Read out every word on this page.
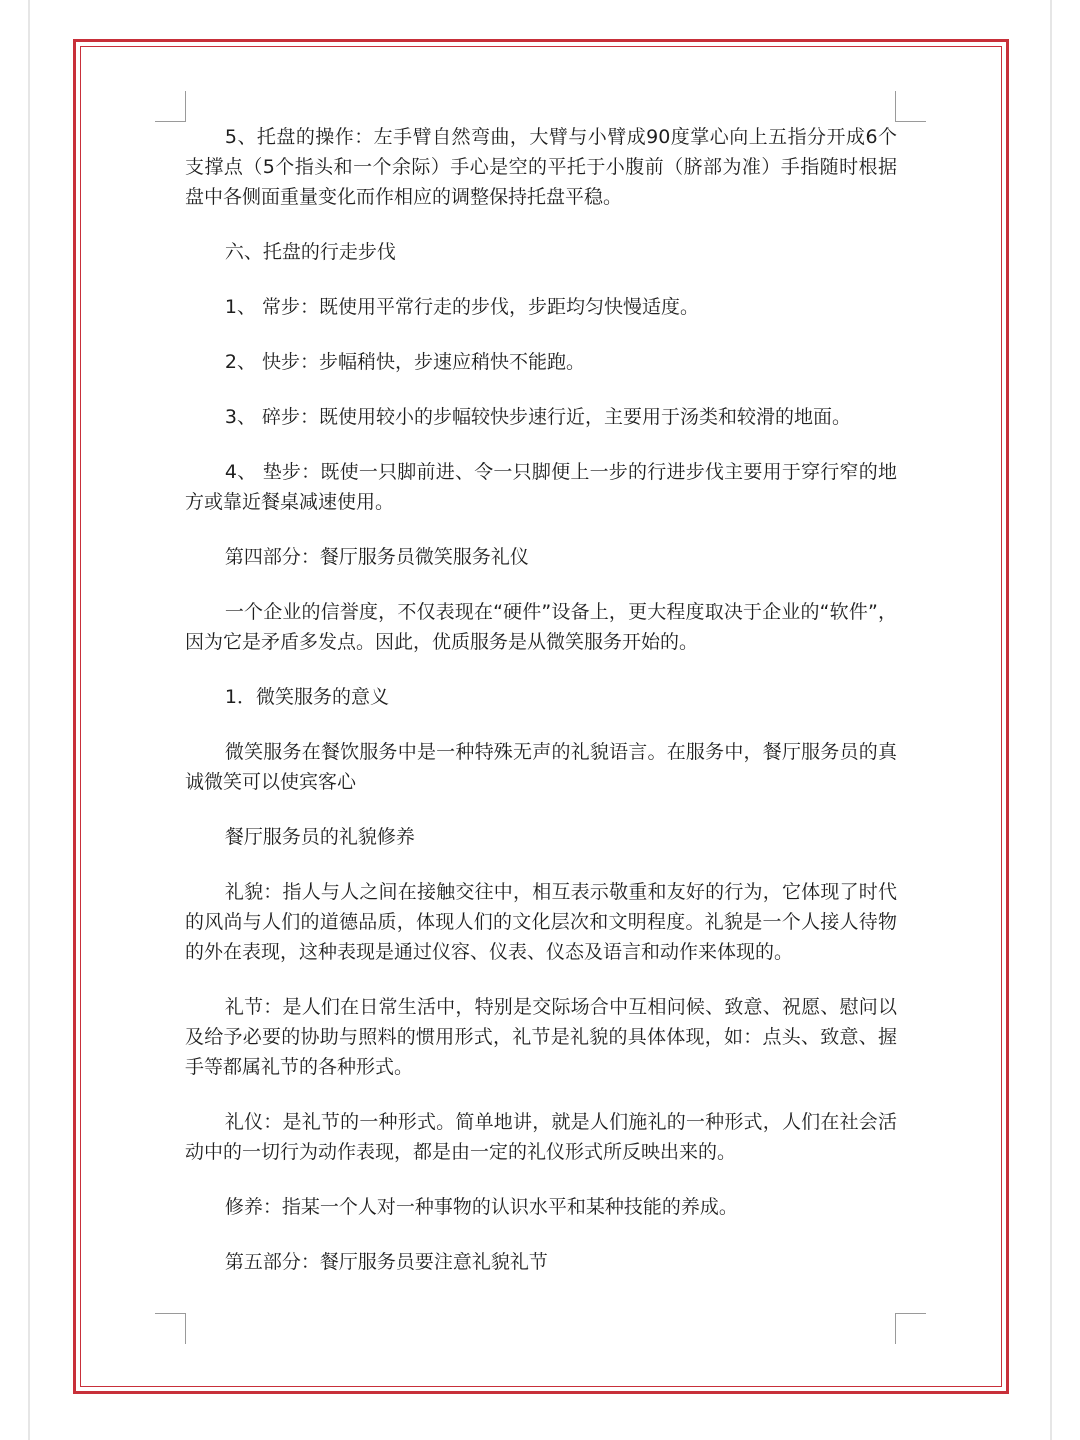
5、托盘的操作：左手臂自然弯曲，大臂与小臂成90度掌心向上五指分开成6个支撑点（5个指头和一个余际）手心是空的平托于小腹前（脐部为准）手指随时根据盘中各侧面重量变化而作相应的调整保持托盘平稳。

六、托盘的行走步伐

1、 常步：既使用平常行走的步伐，步距均匀快慢适度。

2、 快步：步幅稍快，步速应稍快不能跑。

3、 碎步：既使用较小的步幅较快步速行近，主要用于汤类和较滑的地面。

4、 垫步：既使一只脚前进、令一只脚便上一步的行进步伐主要用于穿行窄的地方或靠近餐桌减速使用。

第四部分：餐厅服务员微笑服务礼仪

一个企业的信誉度，不仅表现在“硬件”设备上，更大程度取决于企业的“软件”，因为它是矛盾多发点。因此，优质服务是从微笑服务开始的。

1．微笑服务的意义

微笑服务在餐饮服务中是一种特殊无声的礼貌语言。在服务中，餐厅服务员的真诚微笑可以使宾客心

餐厅服务员的礼貌修养

礼貌：指人与人之间在接触交往中，相互表示敬重和友好的行为，它体现了时代的风尚与人们的道德品质，体现人们的文化层次和文明程度。礼貌是一个人接人待物的外在表现，这种表现是通过仪容、仪表、仪态及语言和动作来体现的。

礼节：是人们在日常生活中，特别是交际场合中互相问候、致意、祝愿、慰问以及给予必要的协助与照料的惯用形式，礼节是礼貌的具体体现，如：点头、致意、握手等都属礼节的各种形式。

礼仪：是礼节的一种形式。简单地讲，就是人们施礼的一种形式，人们在社会活动中的一切行为动作表现，都是由一定的礼仪形式所反映出来的。

修养：指某一个人对一种事物的认识水平和某种技能的养成。

第五部分：餐厅服务员要注意礼貌礼节
